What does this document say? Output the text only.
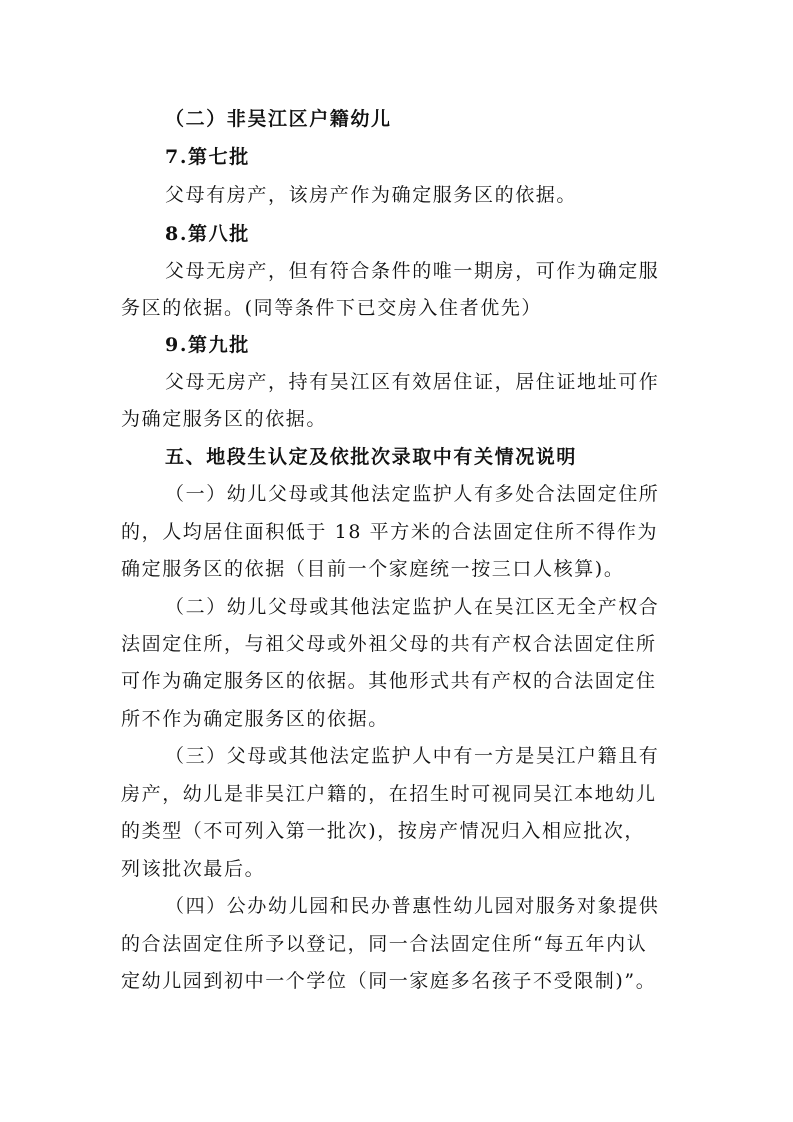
（二）非吴江区户籍幼儿
7.第七批
父母有房产，该房产作为确定服务区的依据。
8.第八批
父母无房产，但有符合条件的唯一期房，可作为确定服
务区的依据。(同等条件下已交房入住者优先）
9.第九批
父母无房产，持有吴江区有效居住证，居住证地址可作
为确定服务区的依据。
五、地段生认定及依批次录取中有关情况说明
（一）幼儿父母或其他法定监护人有多处合法固定住所
的，人均居住面积低于 18 平方米的合法固定住所不得作为
确定服务区的依据（目前一个家庭统一按三口人核算)。
（二）幼儿父母或其他法定监护人在吴江区无全产权合
法固定住所，与祖父母或外祖父母的共有产权合法固定住所
可作为确定服务区的依据。其他形式共有产权的合法固定住
所不作为确定服务区的依据。
（三）父母或其他法定监护人中有一方是吴江户籍且有
房产，幼儿是非吴江户籍的，在招生时可视同吴江本地幼儿
的类型（不可列入第一批次)，按房产情况归入相应批次，
列该批次最后。
（四）公办幼儿园和民办普惠性幼儿园对服务对象提供
的合法固定住所予以登记，同一合法固定住所“每五年内认
定幼儿园到初中一个学位（同一家庭多名孩子不受限制)”。
